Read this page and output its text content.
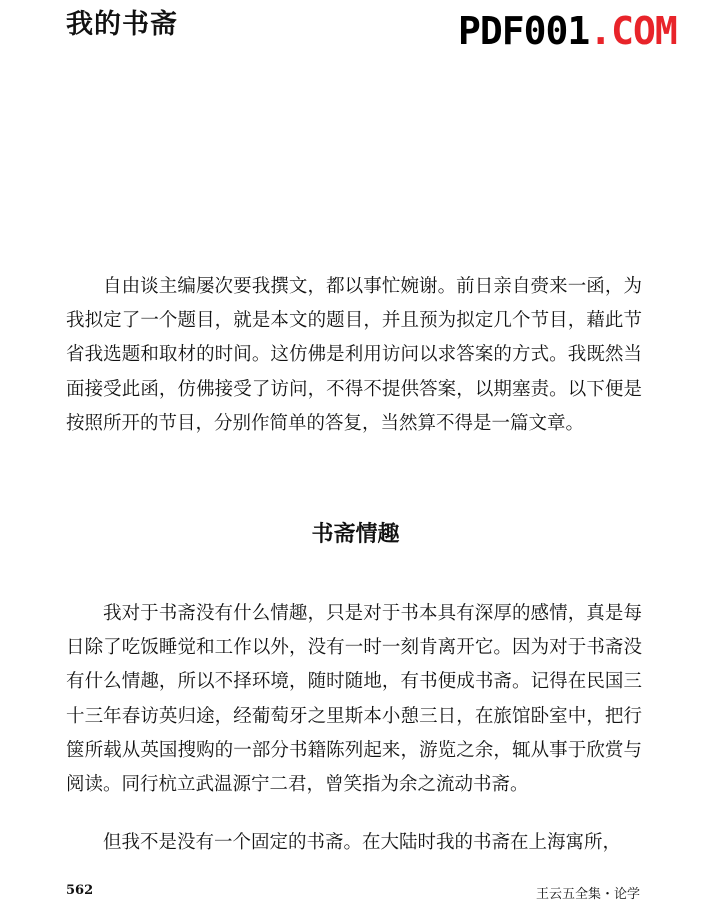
我的书斋	PDF001.COM

自由谈主编屡次要我撰文，都以事忙婉谢。前日亲自赍来一函，为我拟定了一个题目，就是本文的题目，并且预为拟定几个节目，藉此节省我选题和取材的时间。这仿佛是利用访问以求答案的方式。我既然当面接受此函，仿佛接受了访问，不得不提供答案，以期塞责。以下便是按照所开的节目，分别作简单的答复，当然算不得是一篇文章。

书斋情趣

我对于书斋没有什么情趣，只是对于书本具有深厚的感情，真是每日除了吃饭睡觉和工作以外，没有一时一刻肯离开它。因为对于书斋没有什么情趣，所以不择环境，随时随地，有书便成书斋。记得在民国三十三年春访英归途，经葡萄牙之里斯本小憩三日，在旅馆卧室中，把行箧所载从英国搜购的一部分书籍陈列起来，游览之余，辄从事于欣赏与阅读。同行杭立武温源宁二君，曾笑指为余之流动书斋。

但我不是没有一个固定的书斋。在大陆时我的书斋在上海寓所，

562	王云五全集・论学
